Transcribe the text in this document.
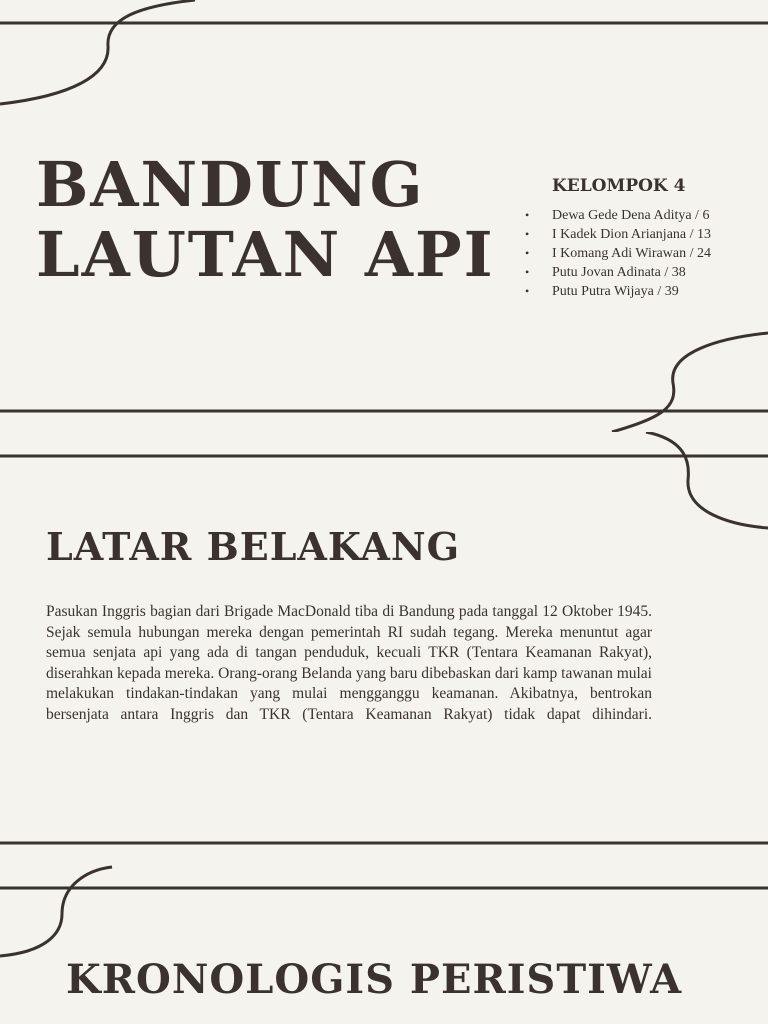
BANDUNG
LAUTAN API
KELOMPOK 4
• Dewa Gede Dena Aditya / 6
• I Kadek Dion Arianjana / 13
• I Komang Adi Wirawan / 24
• Putu Jovan Adinata / 38
• Putu Putra Wijaya / 39
LATAR BELAKANG

Pasukan Inggris bagian dari Brigade MacDonald tiba di Bandung pada tanggal 12 Oktober 1945. Sejak semula hubungan mereka dengan pemerintah RI sudah tegang. Mereka menuntut agar semua senjata api yang ada di tangan penduduk, kecuali TKR (Tentara Keamanan Rakyat), diserahkan kepada mereka. Orang-orang Belanda yang baru dibebaskan dari kamp tawanan mulai melakukan tindakan-tindakan yang mulai mengganggu keamanan. Akibatnya, bentrokan bersenjata antara Inggris dan TKR (Tentara Keamanan Rakyat) tidak dapat dihindari.

KRONOLOGIS PERISTIWA
